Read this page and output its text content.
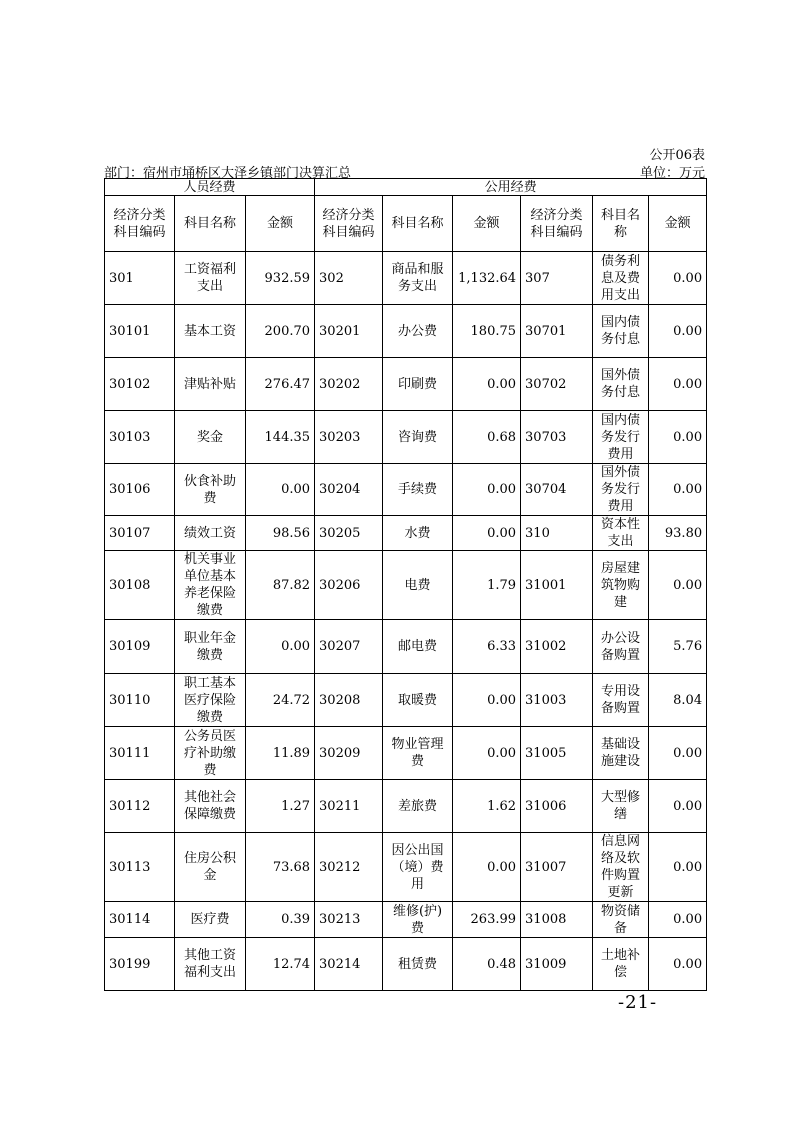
公开06表
部门：宿州市埇桥区大泽乡镇部门决算汇总	单位：万元
人员经费			公用经费					
经济分类科目编码	科目名称	金额	经济分类科目编码	科目名称	金额	经济分类科目编码	科目名称	金额
301	工资福利支出	932.59	302	商品和服务支出	1,132.64	307	债务利息及费用支出	0.00
30101	基本工资	200.70	30201	办公费	180.75	30701	国内债务付息	0.00
30102	津贴补贴	276.47	30202	印刷费	0.00	30702	国外债务付息	0.00
30103	奖金	144.35	30203	咨询费	0.68	30703	国内债务发行费用	0.00
30106	伙食补助费	0.00	30204	手续费	0.00	30704	国外债务发行费用	0.00
30107	绩效工资	98.56	30205	水费	0.00	310	资本性支出	93.80
30108	机关事业单位基本养老保险缴费	87.82	30206	电费	1.79	31001	房屋建筑物购建	0.00
30109	职业年金缴费	0.00	30207	邮电费	6.33	31002	办公设备购置	5.76
30110	职工基本医疗保险缴费	24.72	30208	取暖费	0.00	31003	专用设备购置	8.04
30111	公务员医疗补助缴费	11.89	30209	物业管理费	0.00	31005	基础设施建设	0.00
30112	其他社会保障缴费	1.27	30211	差旅费	1.62	31006	大型修缮	0.00
30113	住房公积金	73.68	30212	因公出国（境）费用	0.00	31007	信息网络及软件购置更新	0.00
30114	医疗费	0.39	30213	维修(护)费	263.99	31008	物资储备	0.00
30199	其他工资福利支出	12.74	30214	租赁费	0.48	31009	土地补偿	0.00
-21-
